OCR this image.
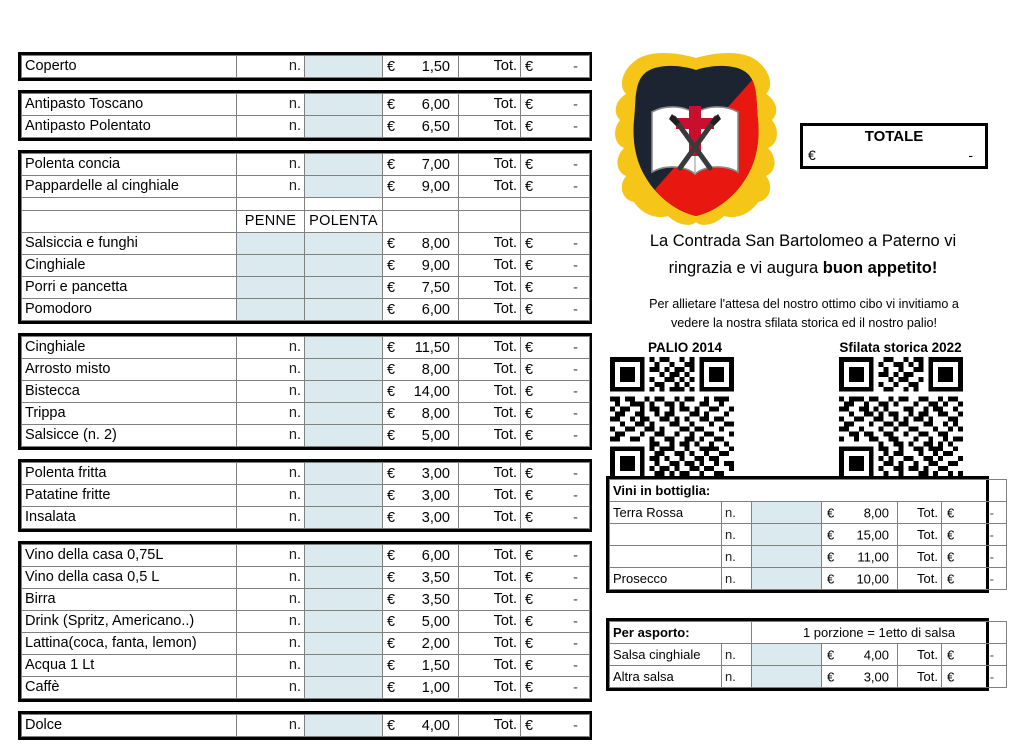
Coperto	n.		€ 1,50	Tot.	€	-
Antipasto Toscano	n.		€ 6,00	Tot.	€ -

Antipasto Polentato	n.		€ 6,50	Tot.	€ -
Polenta concia	n.		€ 7,00	Tot.	€ -

Pappardelle al cinghiale	n.		€ 9,00	Tot.	€ -

	PENNE	POLENTA			
Salsiccia e funghi			€ 8,00	Tot.	€ -

Cinghiale			€ 9,00	Tot.	€ -

Porri e pancetta			€ 7,50	Tot.	€ -

Pomodoro			€ 6,00	Tot.	€ -
Cinghiale	n.		€ 11,50	Tot.	€ -

Arrosto misto	n.		€ 8,00	Tot.	€ -

Bistecca	n.		€ 14,00	Tot.	€ -

Trippa	n.		€ 8,00	Tot.	€ -

Salsicce (n. 2)	n.		€ 5,00	Tot.	€ -
Polenta fritta	n.		€ 3,00	Tot.	€ -

Patatine fritte	n.		€ 3,00	Tot.	€ -

Insalata	n.		€ 3,00	Tot.	€ -
Vino della casa 0,75L	n.		€ 6,00	Tot.	€ -

Vino della casa 0,5 L	n.		€ 3,50	Tot.	€ -

Birra	n.		€ 3,50	Tot.	€ -

Drink (Spritz, Americano..)	n.		€ 5,00	Tot.	€ -

Lattina(coca, fanta, lemon)	n.		€ 2,00	Tot.	€ -

Acqua 1 Lt	n.		€ 1,50	Tot.	€ -

Caffè	n.		€ 1,00	Tot.	€ -
Dolce	n.		€ 4,00	Tot.	€	-
TOTALE
€	-
La Contrada San Bartolomeo a Paterno vi
ringrazia e vi augura buon appetito!
Per allietare l'attesa del nostro ottimo cibo vi invitiamo a
vedere la nostra sfilata storica ed il nostro palio!
PALIO 2014	Sfilata storica 2022
Vini in bottiglia:					
Terra Rossa	n.		€ 8,00	Tot.	€ -

	n.		€ 15,00	Tot.	€ -

	n.		€ 11,00	Tot.	€ -

Prosecco	n.		€ 10,00	Tot.	€ -
Per asporto:		1 porzione = 1etto di salsa			
Salsa cinghiale	n.		€ 4,00	Tot.	€ -

Altra salsa	n.		€ 3,00	Tot.	€ -
